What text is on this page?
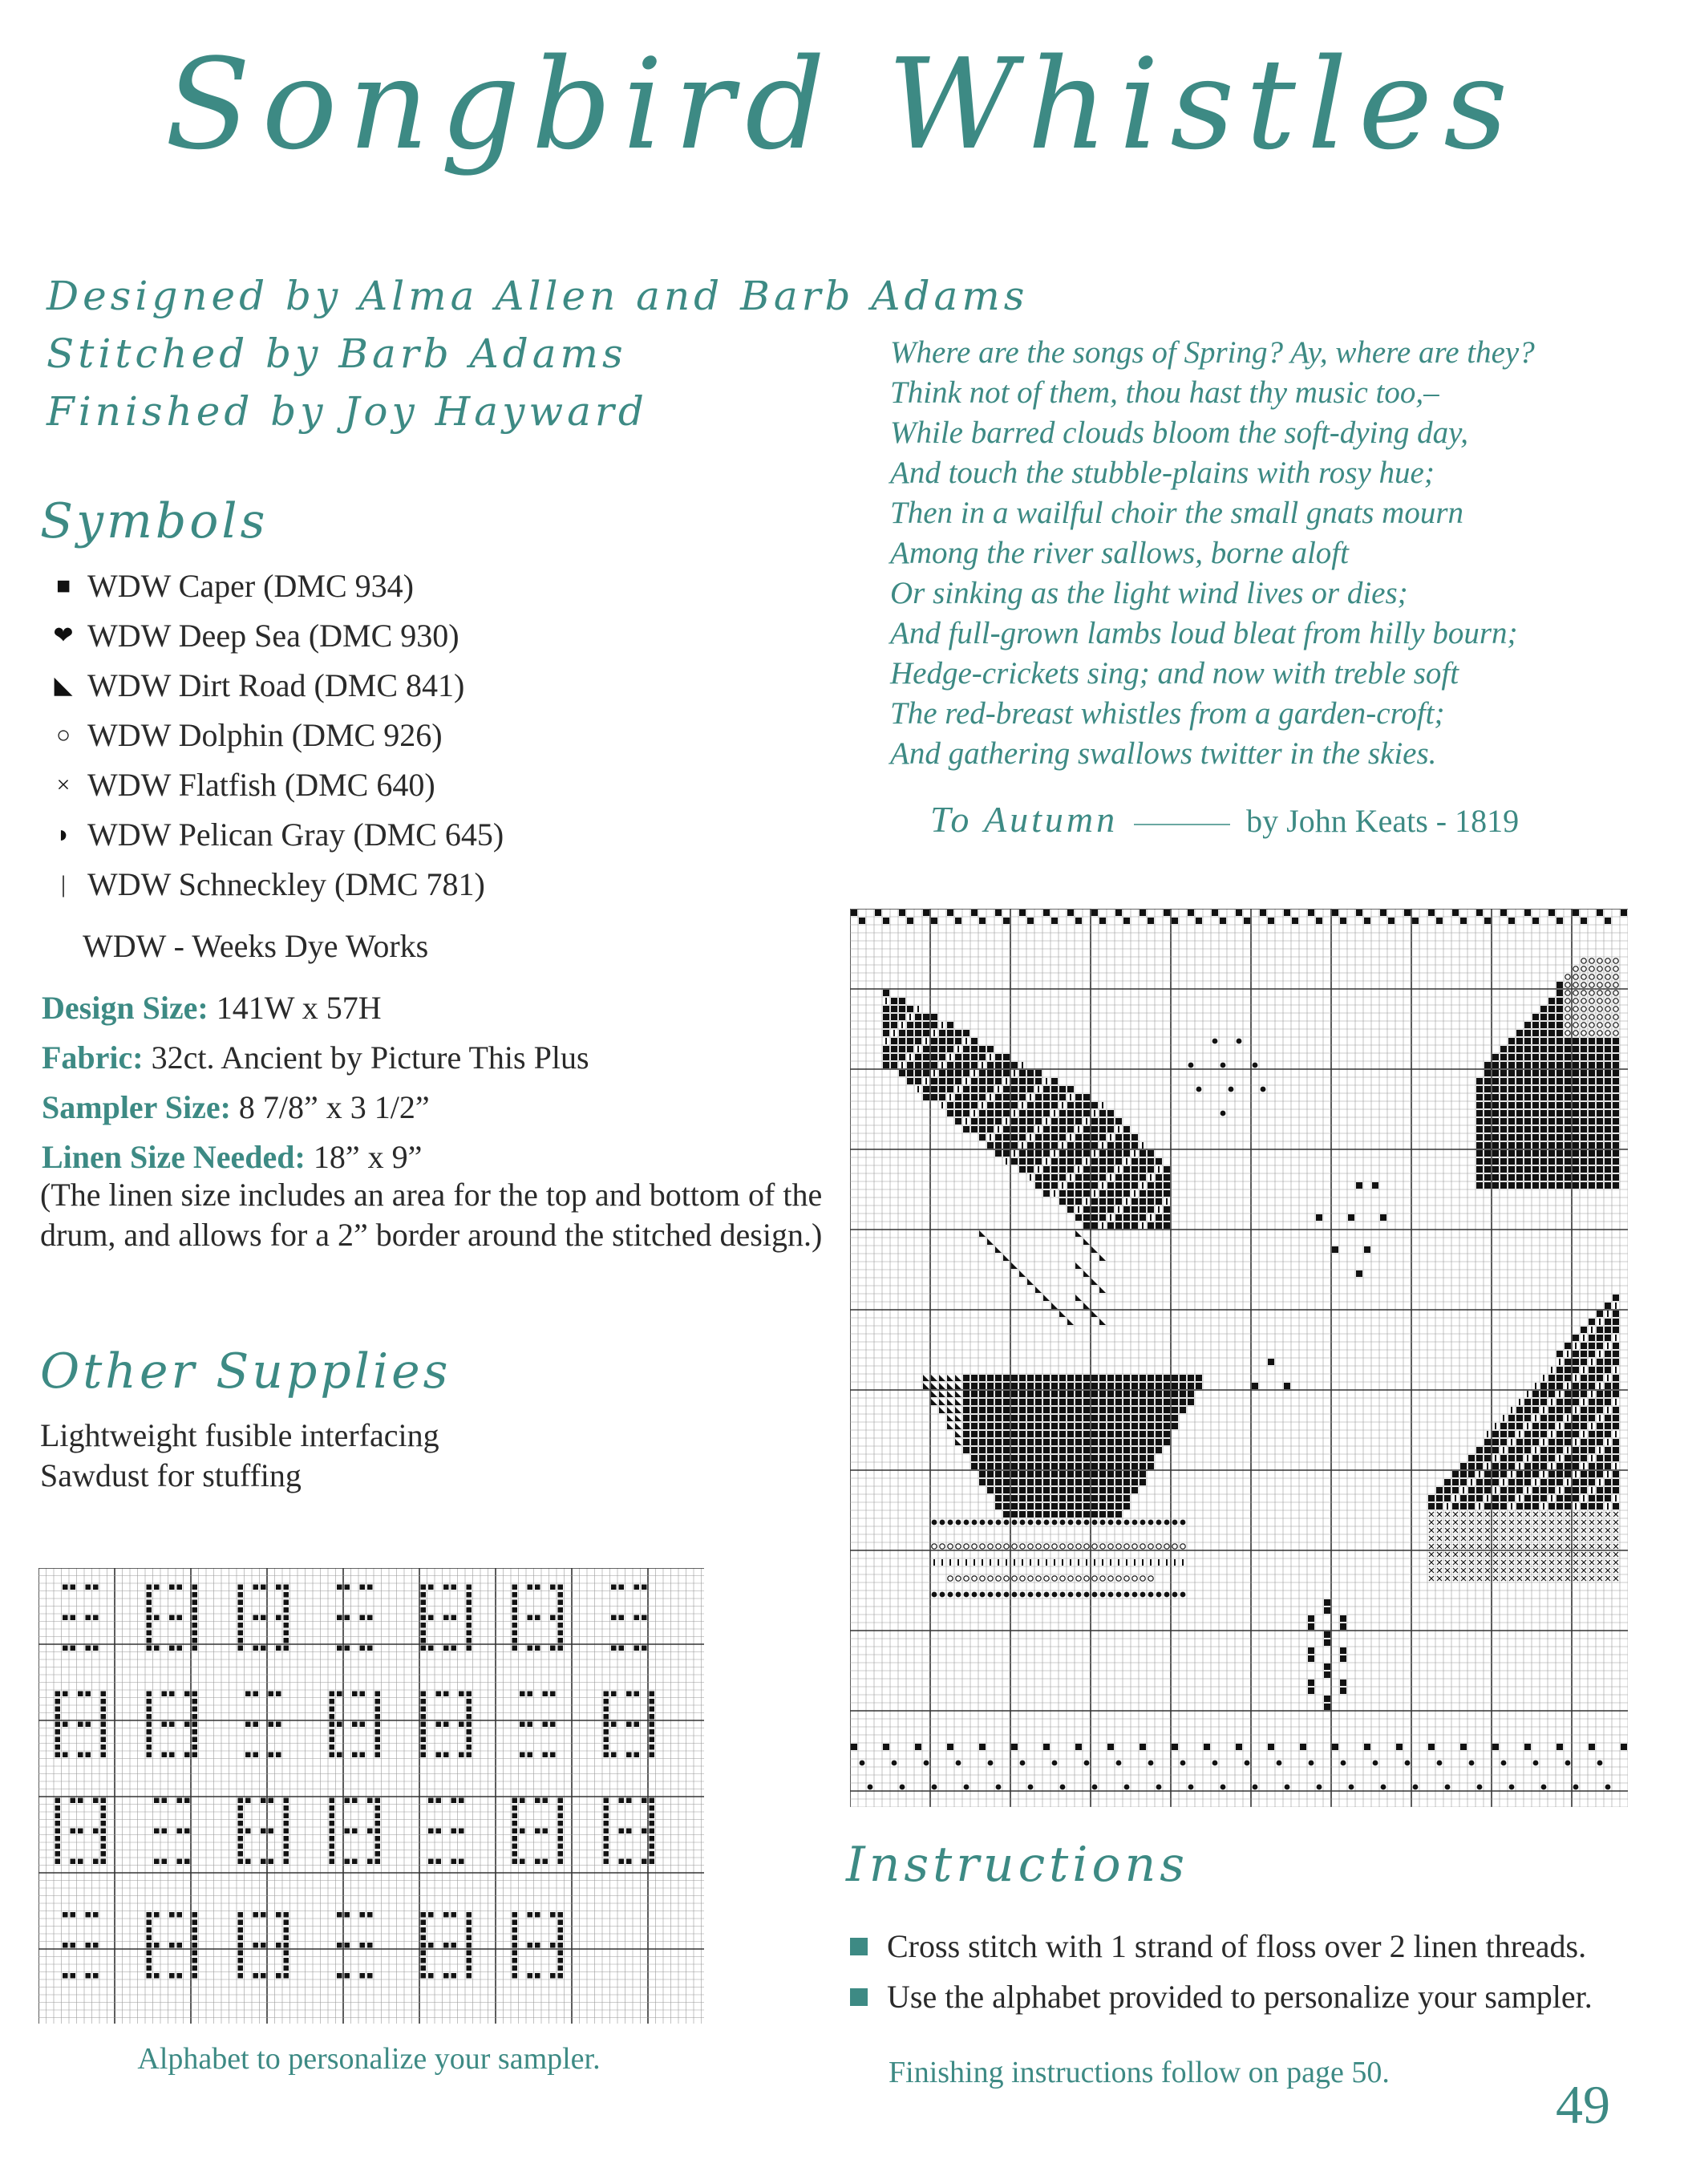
Songbird Whistles
Designed by Alma Allen and Barb Adams
Stitched by Barb Adams
Finished by Joy Hayward
Symbols
■ WDW Caper (DMC 934)
❤ WDW Deep Sea (DMC 930)
◣ WDW Dirt Road (DMC 841)
○ WDW Dolphin (DMC 926)
× WDW Flatfish (DMC 640)
◗ WDW Pelican Gray (DMC 645)
| WDW Schneckley (DMC 781)
WDW - Weeks Dye Works
Design Size: 141W x 57H
Fabric: 32ct. Ancient by Picture This Plus
Sampler Size: 8 7/8” x 3 1/2”
Linen Size Needed: 18” x 9”
(The linen size includes an area for the top and bottom of the drum, and allows for a 2” border around the stitched design.)
Other Supplies
Lightweight fusible interfacing
Sawdust for stuffing
Where are the songs of Spring? Ay, where are they?
Think not of them, thou hast thy music too,–
While barred clouds bloom the soft-dying day,
And touch the stubble-plains with rosy hue;
Then in a wailful choir the small gnats mourn
Among the river sallows, borne aloft
Or sinking as the light wind lives or dies;
And full-grown lambs loud bleat from hilly bourn;
Hedge-crickets sing; and now with treble soft
The red-breast whistles from a garden-croft;
And gathering swallows twitter in the skies.
To Autumn	by John Keats - 1819
Alphabet to personalize your sampler.
Instructions
Cross stitch with 1 strand of floss over 2 linen threads.
Use the alphabet provided to personalize your sampler.
Finishing instructions follow on page 50.
49
